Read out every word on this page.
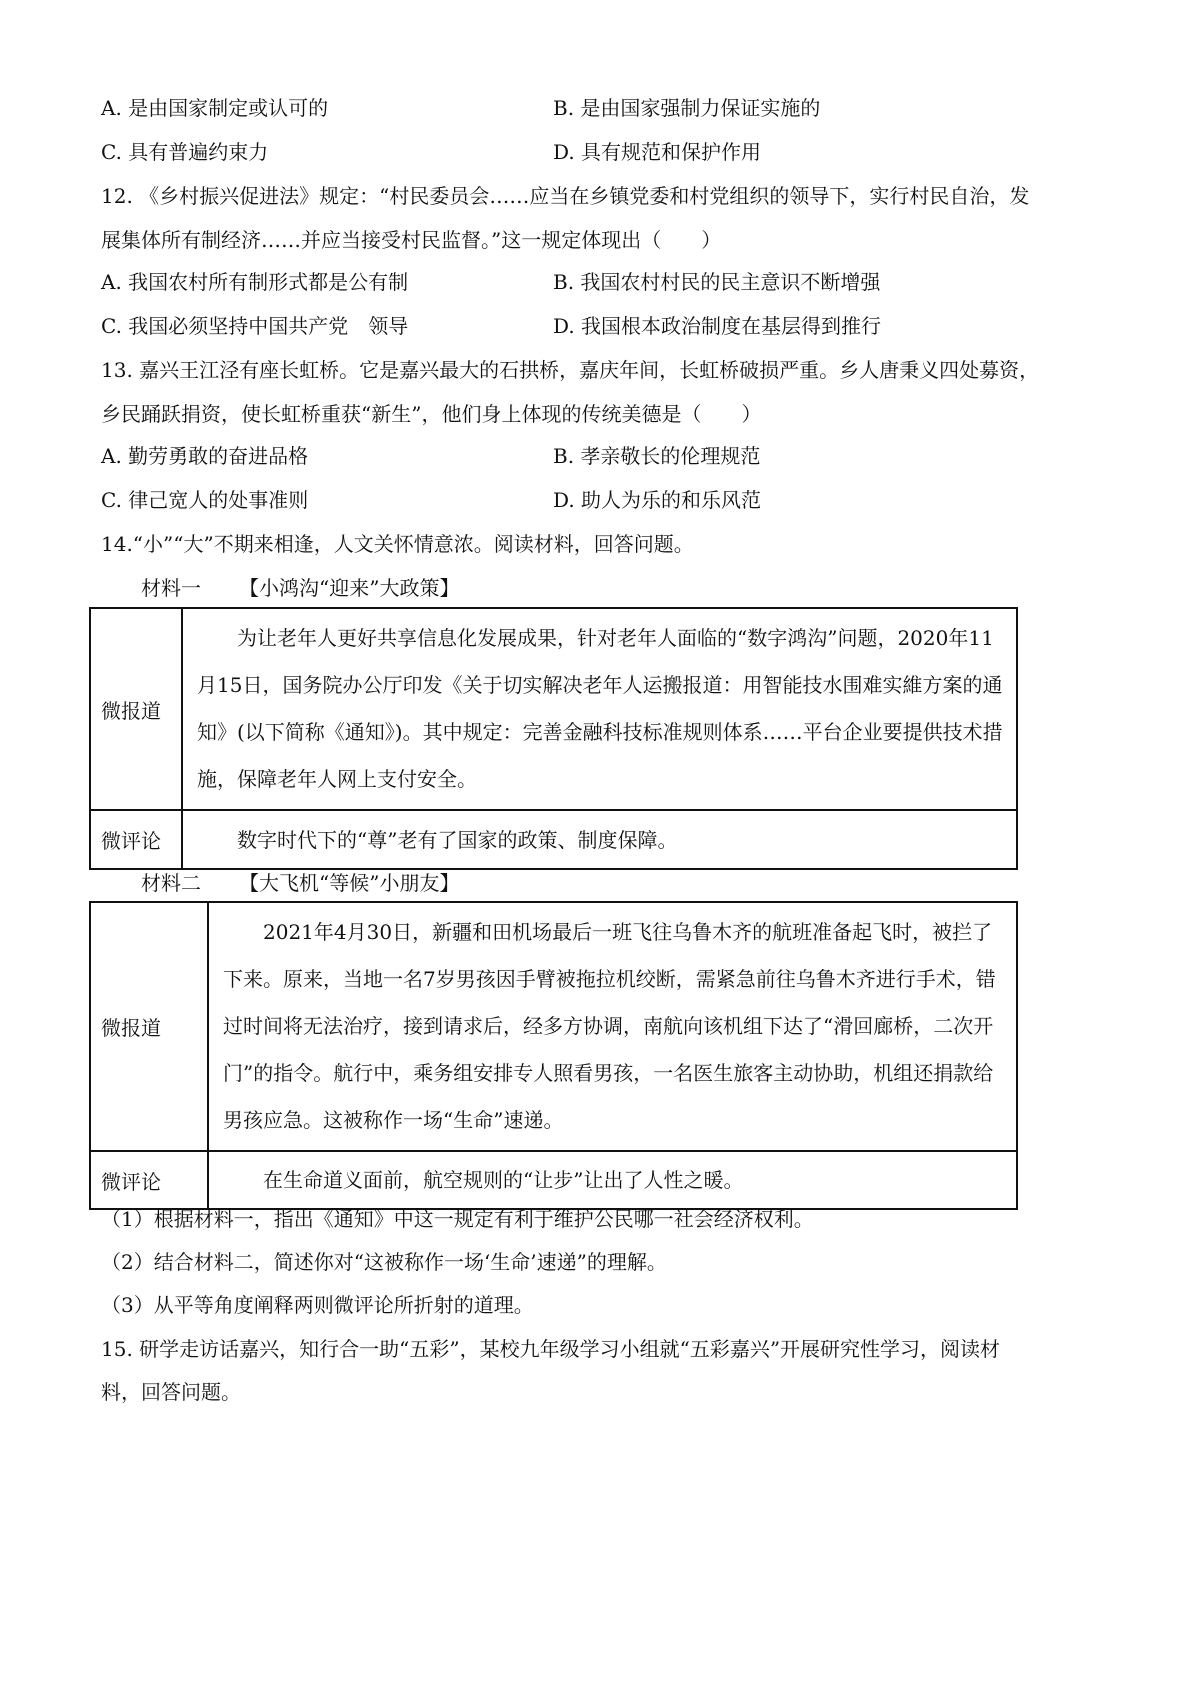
A. 是由国家制定或认可的	B. 是由国家强制力保证实施的
C. 具有普遍约束力	D. 具有规范和保护作用
12. 《乡村振兴促进法》规定：“村民委员会……应当在乡镇党委和村党组织的领导下，实行村民自治，发
展集体所有制经济……并应当接受村民监督。”这一规定体现出（　　）
A. 我国农村所有制形式都是公有制	B. 我国农村村民的民主意识不断增强
C. 我国必须坚持中国共产党　领导	D. 我国根本政治制度在基层得到推行
13. 嘉兴王江泾有座长虹桥。它是嘉兴最大的石拱桥，嘉庆年间，长虹桥破损严重。乡人唐秉义四处募资，
乡民踊跃捐资，使长虹桥重获“新生”，他们身上体现的传统美德是（　　）
A. 勤劳勇敢的奋进品格	B. 孝亲敬长的伦理规范
C. 律己宽人的处事准则	D. 助人为乐的和乐风范
14.“小”“大”不期来相逢，人文关怀情意浓。阅读材料，回答问题。
材料一 【小鸿沟“迎来”大政策】
微报道	为让老年人更好共享信息化发展成果，针对老年人面临的“数字鸿沟”问题，2020年11月15日，国务院办公厅印发《关于切实解决老年人运搬报道：用智能技水围难实維方案的通知》(以下简称《通知》)。其中规定：完善金融科技标准规则体系……平台企业要提供技术措施，保障老年人网上支付安全。
微评论	数字时代下的“尊”老有了国家的政策、制度保障。
材料二 【大飞机“等候”小朋友】
微报道	2021年4月30日，新疆和田机场最后一班飞往乌鲁木齐的航班准备起飞时，被拦了下来。原来，当地一名7岁男孩因手臂被拖拉机绞断，需紧急前往乌鲁木齐进行手术，错过时间将无法治疗，接到请求后，经多方协调，南航向该机组下达了“滑回廊桥，二次开门”的指令。航行中，乘务组安排专人照看男孩，一名医生旅客主动协助，机组还捐款给男孩应急。这被称作一场“生命”速递。
微评论	在生命道义面前，航空规则的“让步”让出了人性之暖。
（1）根据材料一，指出《通知》中这一规定有利于维护公民哪一社会经济权利。
（2）结合材料二，简述你对“这被称作一场‘生命’速递”的理解。
（3）从平等角度阐释两则微评论所折射的道理。
15. 研学走访话嘉兴，知行合一助“五彩”，某校九年级学习小组就“五彩嘉兴”开展研究性学习，阅读材
料，回答问题。
